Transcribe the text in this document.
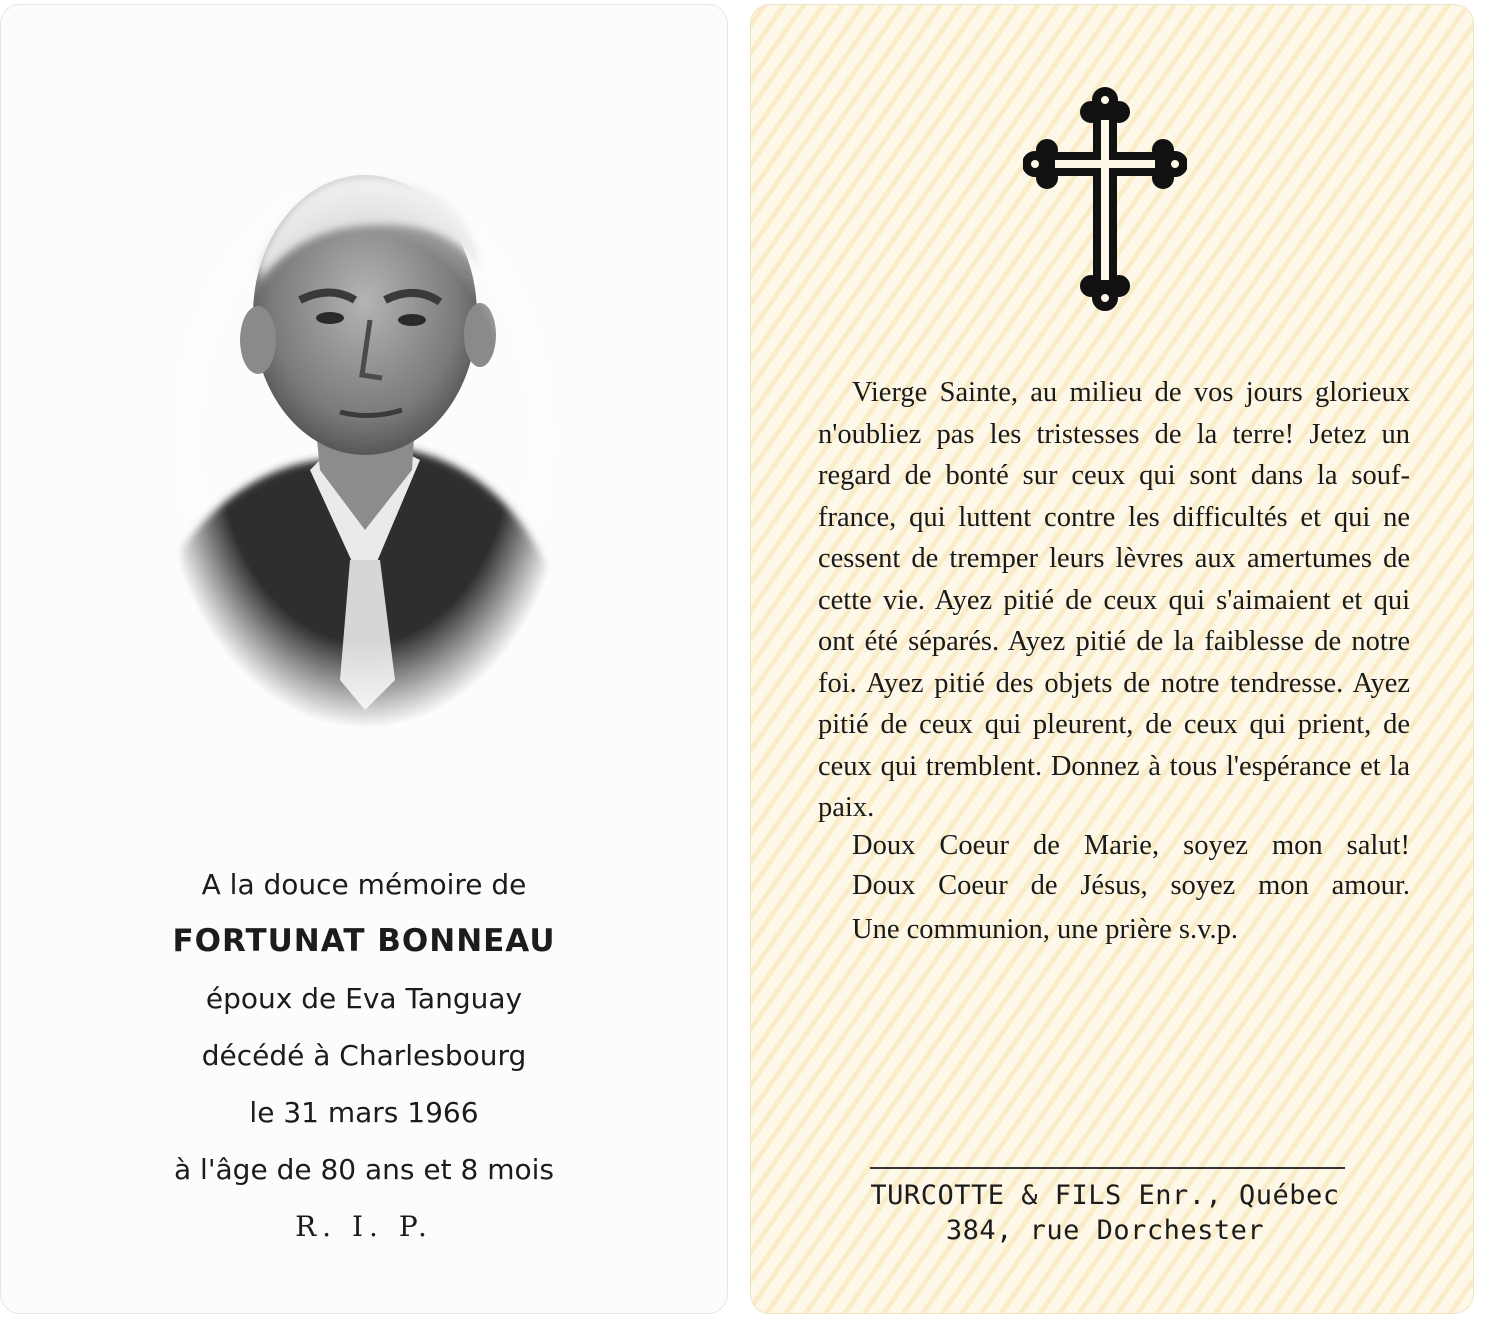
A la douce mémoire de
FORTUNAT BONNEAU
époux de Eva Tanguay
décédé à Charlesbourg
le 31 mars 1966
à l'âge de 80 ans et 8 mois
R. I. P.

Vierge Sainte, au milieu de vos jours glorieux n'oubliez pas les tristesses de la terre! Jetez un regard de bonté sur ceux qui sont dans la souffrance, qui luttent contre les difficultés et qui ne cessent de tremper leurs lèvres aux amertumes de cette vie. Ayez pitié de ceux qui s'aimaient et qui ont été séparés. Ayez pitié de la faiblesse de notre foi. Ayez pitié des objets de notre tendresse. Ayez pitié de ceux qui pleurent, de ceux qui prient, de ceux qui tremblent. Donnez à tous l'espérance et la paix.

Doux Coeur de Marie, soyez mon salut!

Doux Coeur de Jésus, soyez mon amour.

Une communion, une prière s.v.p.

TURCOTTE & FILS Enr., Québec
384, rue Dorchester
